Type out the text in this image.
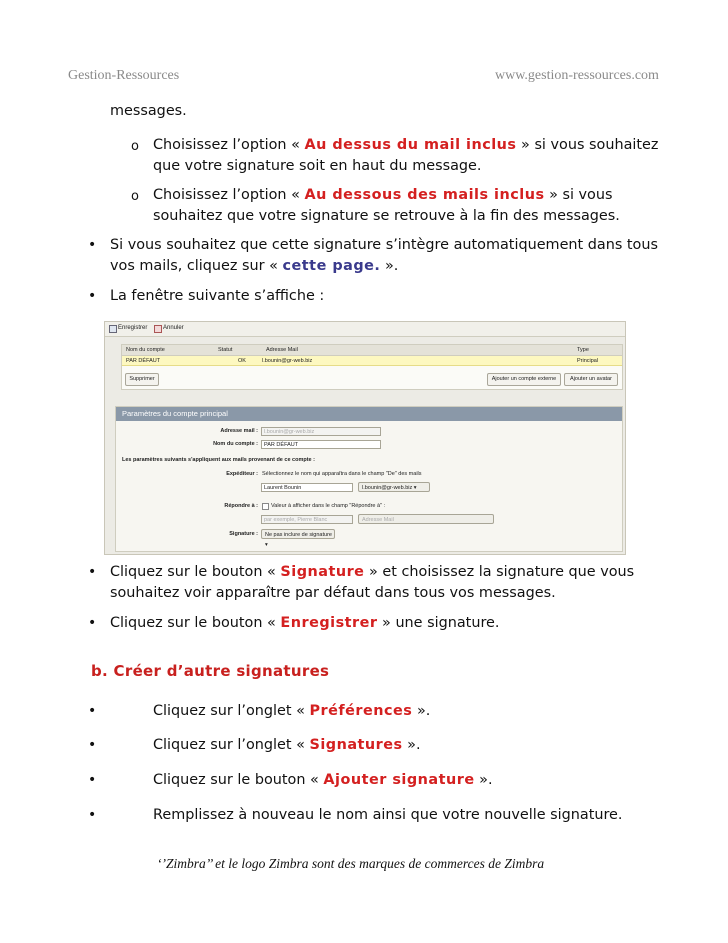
Gestion-Ressources	www.gestion-ressources.com
messages.
o Choisissez l’option « Au dessus du mail inclus » si vous souhaitez
que votre signature soit en haut du message.
o Choisissez l’option « Au dessous des mails inclus » si vous
souhaitez que votre signature se retrouve à la fin des messages.
• Si vous souhaitez que cette signature s’intègre automatiquement dans tous
vos mails, cliquez sur « cette page. ».
• La fenêtre suivante s’affiche :
Enregistrer	Annuler
Nom du compte	Statut	Adresse Mail	Type
PAR DÉFAUT	OK	l.bounin@gr-web.biz	Principal
Supprimer	Ajouter un compte externe	Ajouter un avatar
Paramètres du compte principal
Adresse mail :	l.bounin@gr-web.biz
Nom du compte :	PAR DÉFAUT
Les paramètres suivants s'appliquent aux mails provenant de ce compte :
Expéditeur : Sélectionnez le nom qui apparaîtra dans le champ "De" des mails
Laurent Bounin	l.bounin@gr-web.biz ▾
Répondre à : Valeur à afficher dans le champ "Répondre à" :
par exemple, Pierre Blanc	Adresse Mail
Signature :	Ne pas inclure de signature ▾
• Cliquez sur le bouton « Signature » et choisissez la signature que vous
souhaitez voir apparaître par défaut dans tous vos messages.
• Cliquez sur le bouton « Enregistrer » une signature.
b. Créer d’autre signatures
•	Cliquez sur l’onglet « Préférences ».
•	Cliquez sur l’onglet « Signatures ».
•	Cliquez sur le bouton « Ajouter signature ».
•	Remplissez à nouveau le nom ainsi que votre nouvelle signature.
‘’Zimbra’’ et le logo Zimbra sont des marques de commerces de Zimbra
